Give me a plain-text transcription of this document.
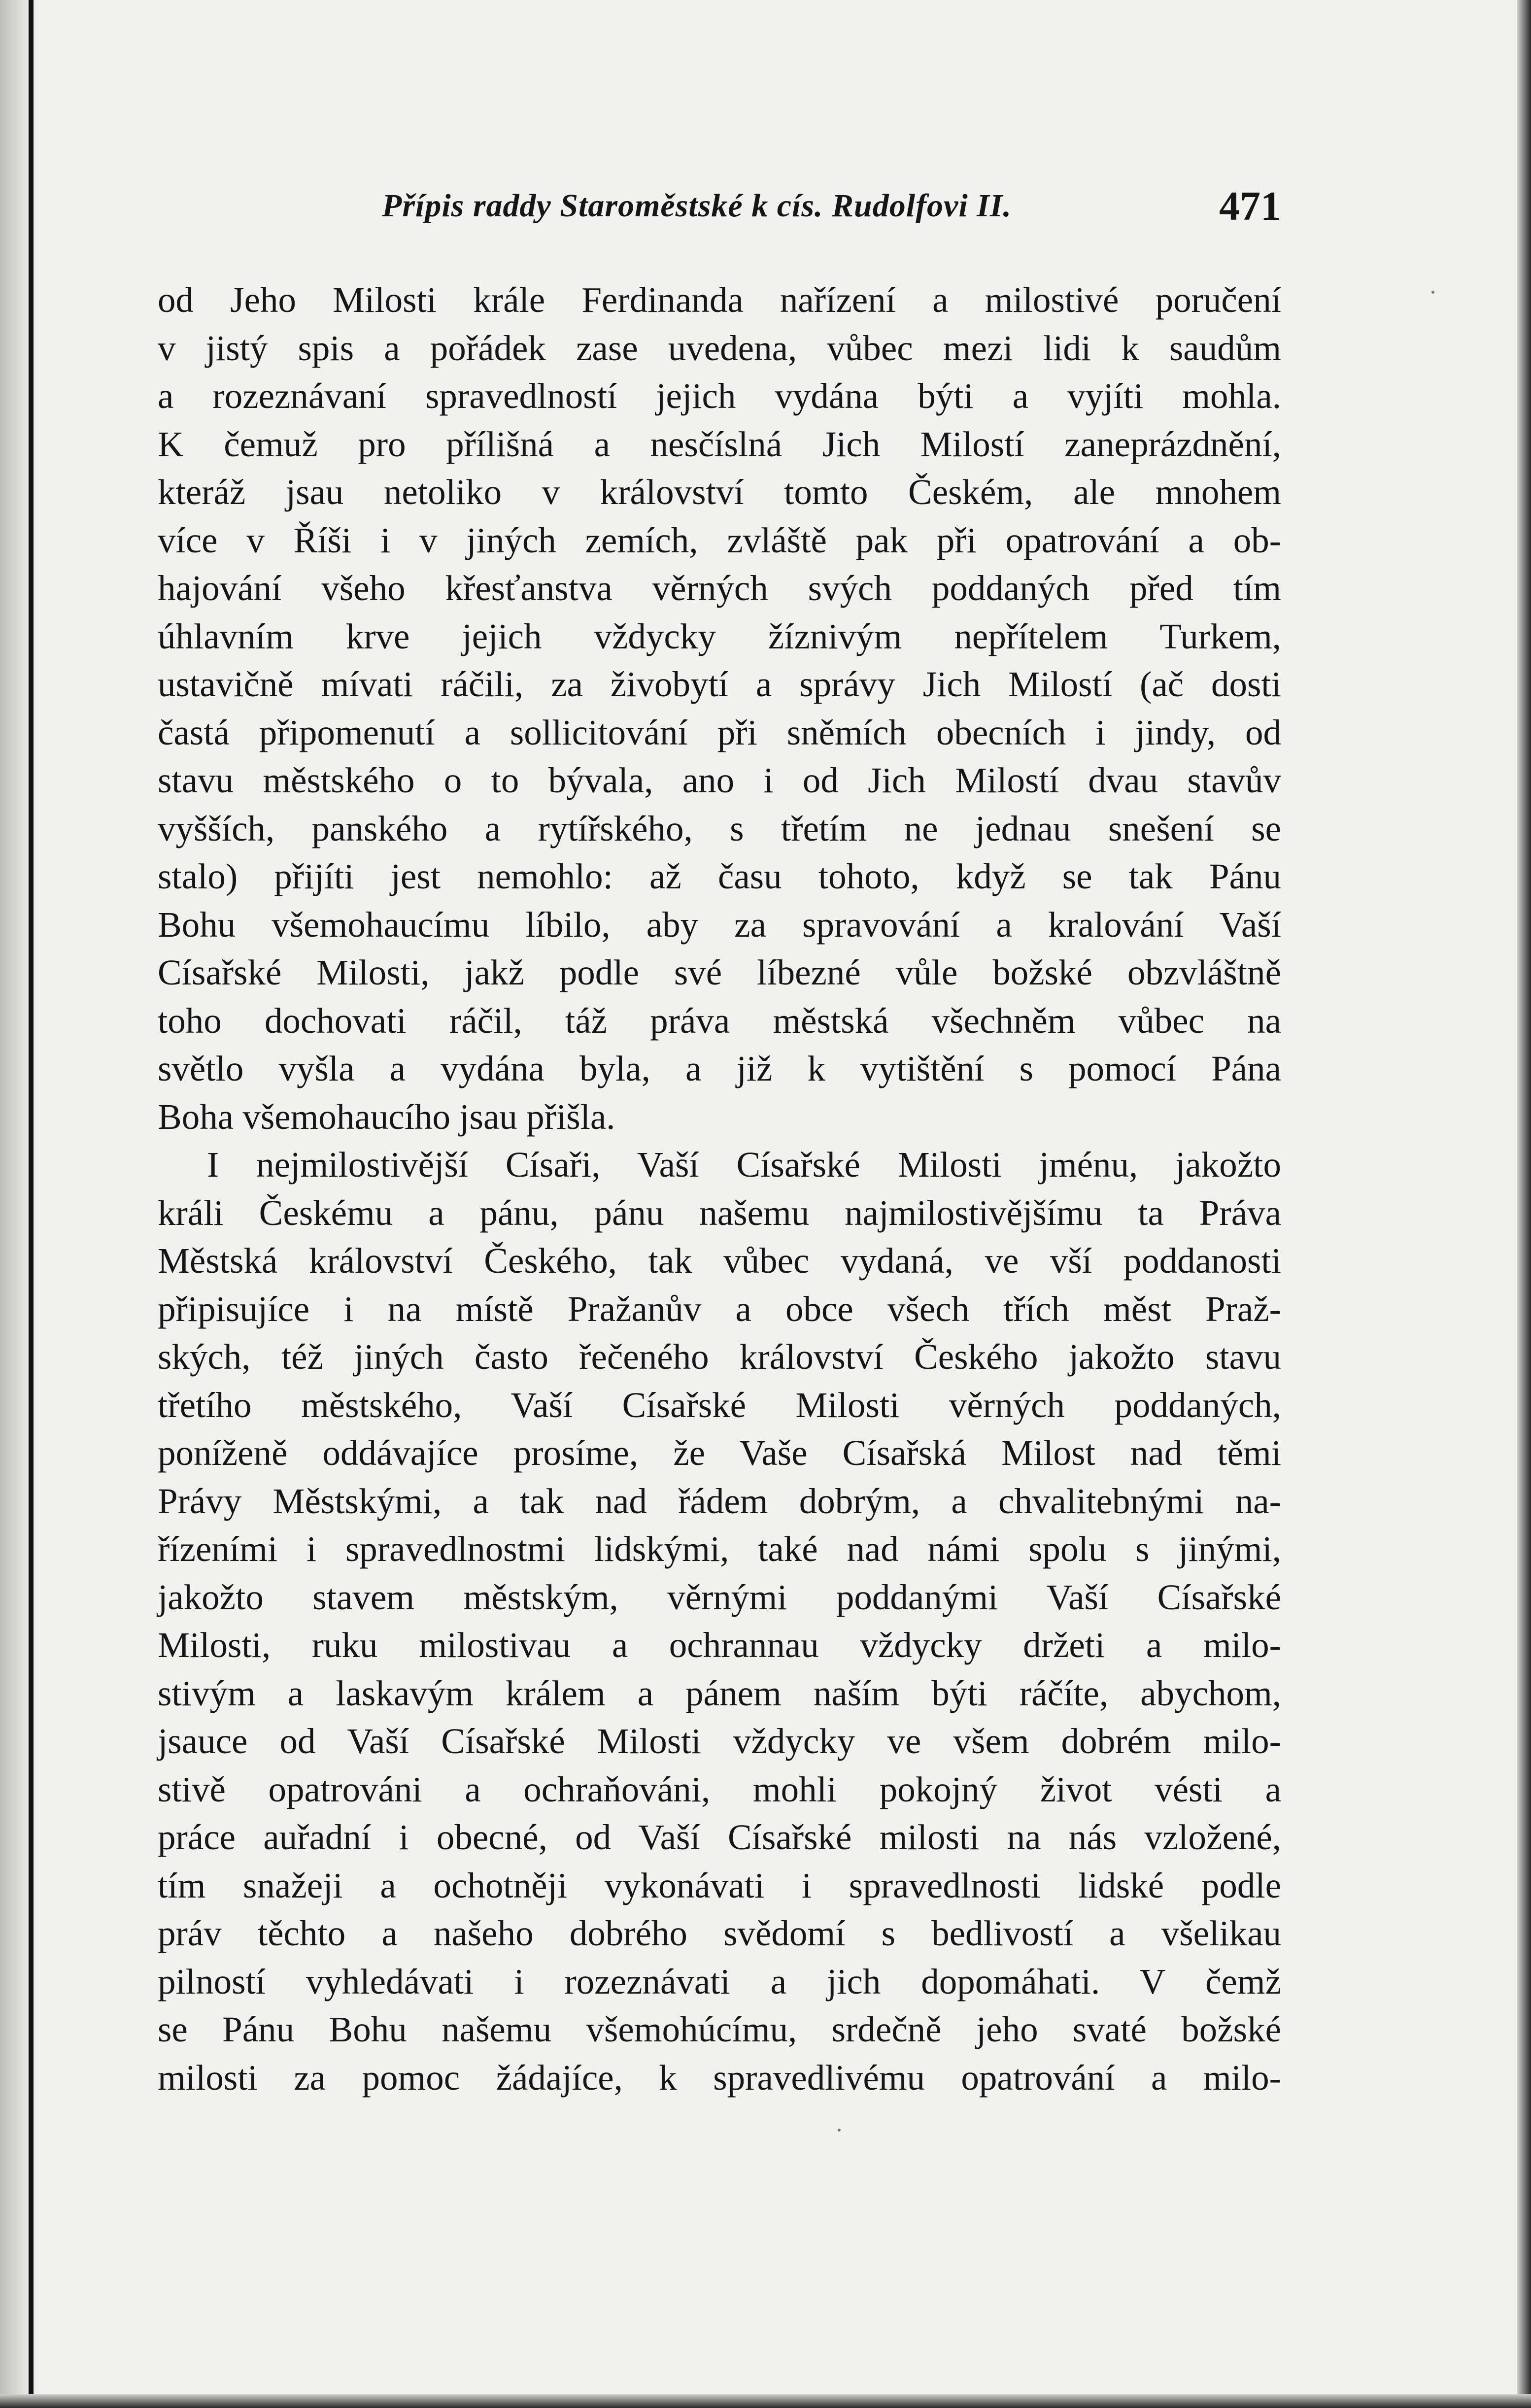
Přípis raddy Staroměstské k cís. Rudolfovi II.	471
od Jeho Milosti krále Ferdinanda nařízení a milostivé poručení
v jistý spis a pořádek zase uvedena, vůbec mezi lidi k saudům
a rozeznávaní spravedlností jejich vydána býti a vyjíti mohla.
K čemuž pro přílišná a nesčíslná Jich Milostí zaneprázdnění,
kteráž jsau netoliko v království tomto Českém, ale mnohem
více v Říši i v jiných zemích, zvláště pak při opatrování a ob-
hajování všeho křesťanstva věrných svých poddaných před tím
úhlavním krve jejich vždycky žíznivým nepřítelem Turkem,
ustavičně mívati ráčili, za živobytí a správy Jich Milostí (ač dosti
častá připomenutí a sollicitování při sněmích obecních i jindy, od
stavu městského o to bývala, ano i od Jich Milostí dvau stavův
vyšších, panského a rytířského, s třetím ne jednau snešení se
stalo) přijíti jest nemohlo: až času tohoto, když se tak Pánu
Bohu všemohaucímu líbilo, aby za spravování a kralování Vaší
Císařské Milosti, jakž podle své líbezné vůle božské obzvláštně
toho dochovati ráčil, táž práva městská všechněm vůbec na
světlo vyšla a vydána byla, a již k vytištění s pomocí Pána
Boha všemohaucího jsau přišla.
I nejmilostivější Císaři, Vaší Císařské Milosti jménu, jakožto
králi Českému a pánu, pánu našemu najmilostivějšímu ta Práva
Městská království Českého, tak vůbec vydaná, ve vší poddanosti
připisujíce i na místě Pražanův a obce všech třích měst Praž-
ských, též jiných často řečeného království Českého jakožto stavu
třetího městského, Vaší Císařské Milosti věrných poddaných,
poníženě oddávajíce prosíme, že Vaše Císařská Milost nad těmi
Právy Městskými, a tak nad řádem dobrým, a chvalitebnými na-
řízeními i spravedlnostmi lidskými, také nad námi spolu s jinými,
jakožto stavem městským, věrnými poddanými Vaší Císařské
Milosti, ruku milostivau a ochrannau vždycky držeti a milo-
stivým a laskavým králem a pánem naším býti ráčíte, abychom,
jsauce od Vaší Císařské Milosti vždycky ve všem dobrém milo-
stivě opatrováni a ochraňováni, mohli pokojný život vésti a
práce auřadní i obecné, od Vaší Císařské milosti na nás vzložené,
tím snažeji a ochotněji vykonávati i spravedlnosti lidské podle
práv těchto a našeho dobrého svědomí s bedlivostí a všelikau
pilností vyhledávati i rozeznávati a jich dopomáhati. V čemž
se Pánu Bohu našemu všemohúcímu, srdečně jeho svaté božské
milosti za pomoc žádajíce, k spravedlivému opatrování a milo-
